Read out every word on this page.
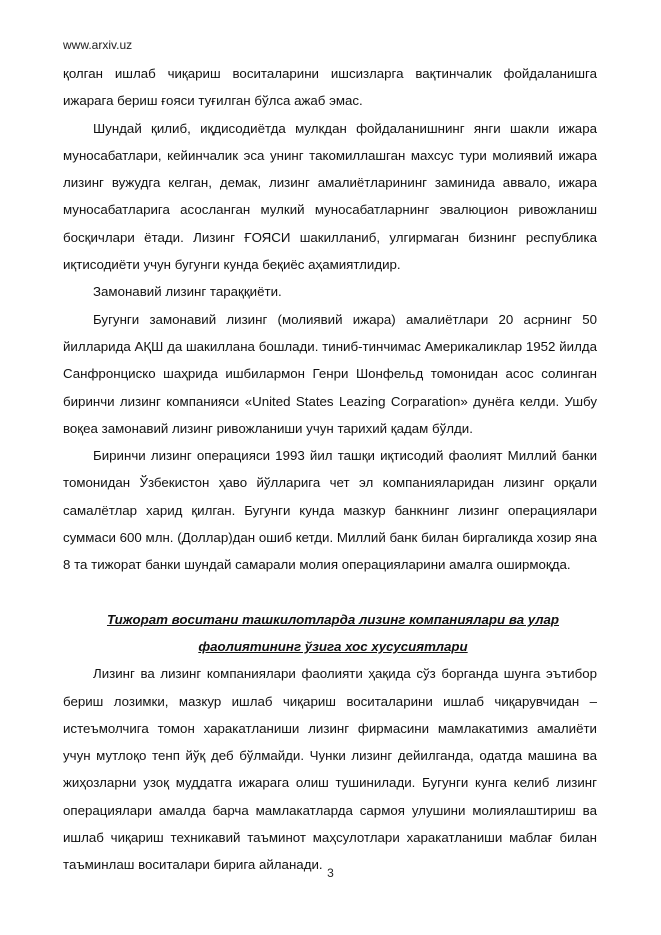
www.arxiv.uz

қолган ишлаб чиқариш воситаларини ишсизларга вақтинчалик фойдаланишга ижарага бериш ғояси туғилган бўлса ажаб эмас.

Шундай қилиб, иқдисодиётда мулкдан фойдаланишнинг янги шакли ижара муносабатлари, кейинчалик эса унинг такомиллашган махсус тури молиявий ижара лизинг вужудга келган, демак, лизинг амалиётларининг заминида аввало, ижара муносабатларига асосланган мулкий муносабатларнинг эвалюцион ривожланиш босқичлари ётади. Лизинг ҒОЯСИ шакилланиб, улгирмаган бизнинг республика иқтисодиёти учун бугунги кунда беқиёс аҳамиятлидир.

Замонавий лизинг тараққиёти.

Бугунги замонавий лизинг (молиявий ижара) амалиётлари 20 асрнинг 50 йилларида АҚШ да шакиллана бошлади. тиниб-тинчимас Америкаликлар 1952 йилда Санфронциско шаҳрида ишбилармон Генри Шонфельд томонидан асос солинган биринчи лизинг компанияси «United States Leazing Corparation» дунёга келди. Ушбу воқеа замонавий лизинг ривожланиши учун тарихий қадам бўлди.

Биринчи лизинг операцияси 1993 йил ташқи иқтисодий фаолият Миллий банки томонидан Ўзбекистон ҳаво йўлларига чет эл компанияларидан лизинг орқали самалётлар харид қилган. Бугунги кунда мазкур банкнинг лизинг операциялари суммаси 600 млн. (Доллар)дан ошиб кетди. Миллий банк билан биргаликда хозир яна 8 та тижорат банки шундай самарали молия операцияларини амалга оширмоқда.

Тижорат воситани ташкилотларда лизинг компаниялари ва улар
фаолиятининг ўзига хос хусусиятлари

Лизинг ва лизинг компаниялари фаолияти ҳақида сўз борганда шунга эътибор бериш лозимки, мазкур ишлаб чиқариш воситаларини ишлаб чиқарувчидан – истеъмолчига томон харакатланиши лизинг фирмасини мамлакатимиз амалиёти учун мутлоқо тенп йўқ деб бўлмайди. Чунки лизинг дейилганда, одатда машина ва жиҳозларни узоқ муддатга ижарага олиш тушинилади. Бугунги кунга келиб лизинг операциялари амалда барча мамлакатларда сармоя улушини молиялаштириш ва ишлаб чиқариш техникавий таъминот маҳсулотлари харакатланиши маблағ билан таъминлаш воситалари бирига айланади.

3
